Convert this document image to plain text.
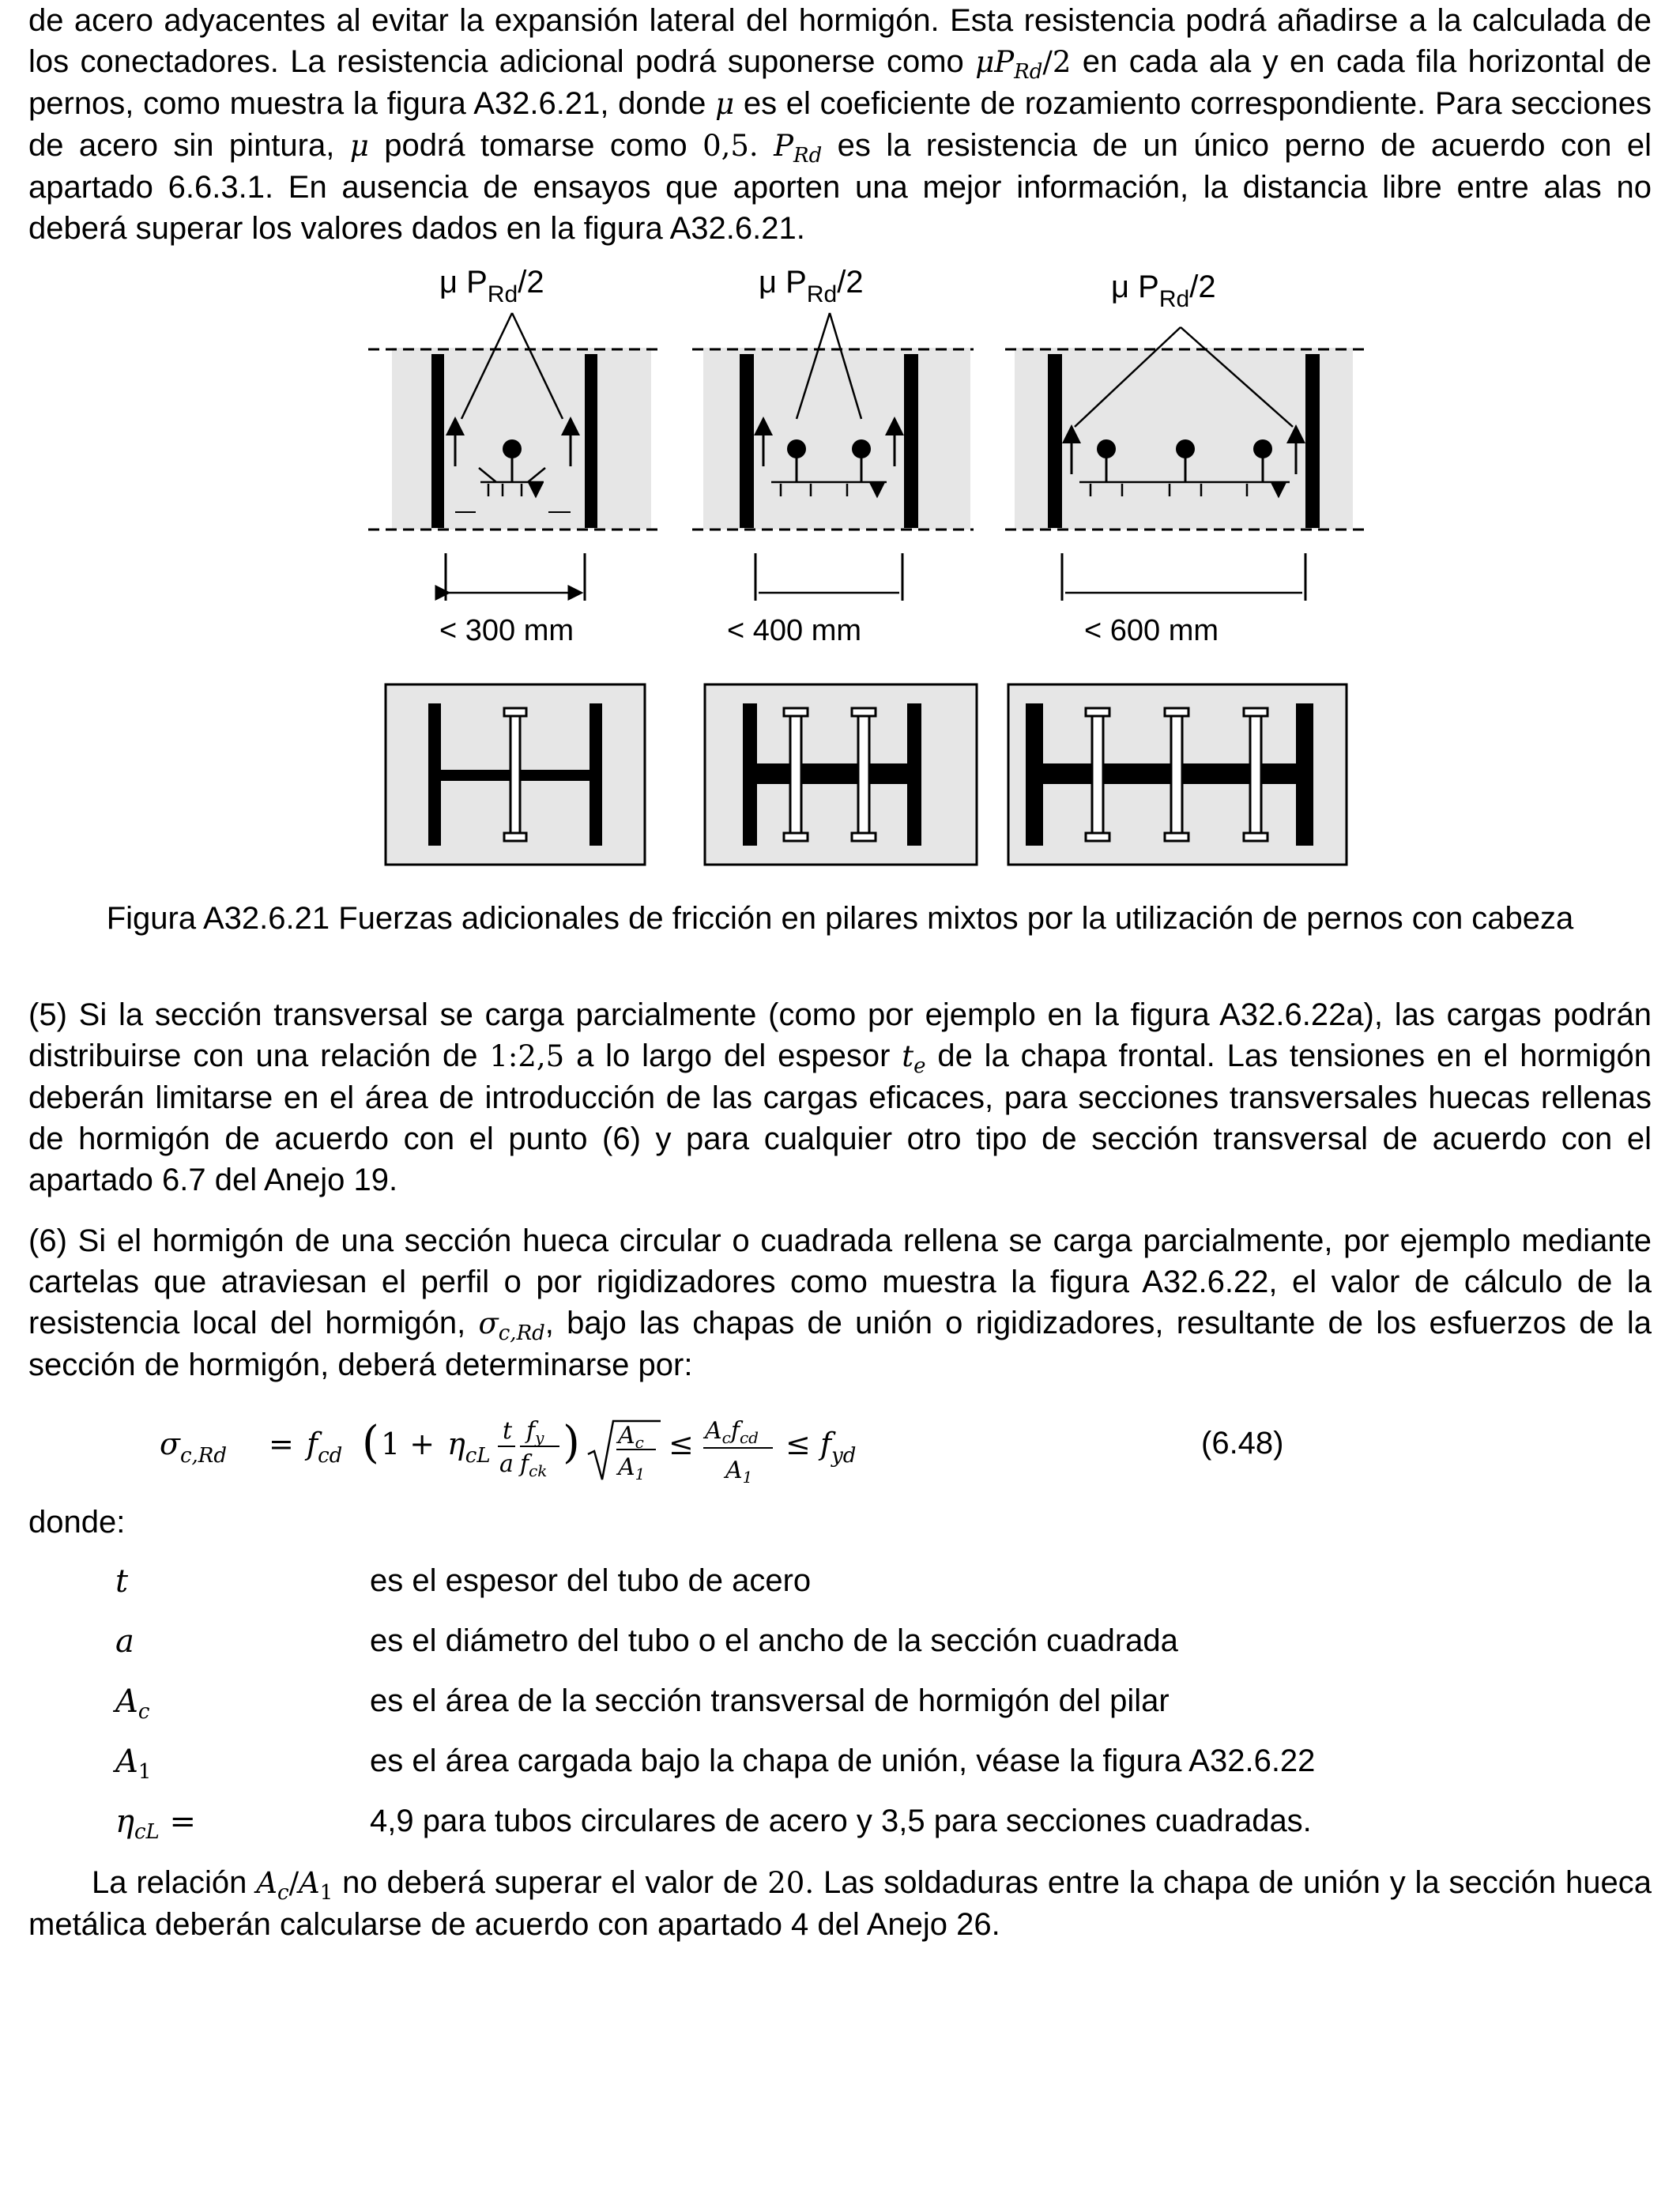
de acero adyacentes al evitar la expansión lateral del hormigón. Esta resistencia podrá añadirse a la calculada de los conectadores. La resistencia adicional podrá suponerse como $\mu P_{Rd}/2$ en cada ala y en cada fila horizontal de pernos, como muestra la figura A32.6.21, donde μ es el coeficiente de rozamiento correspondiente. Para secciones de acero sin pintura, μ podrá tomarse como 0,5. $P_{Rd}$ es la resistencia de un único perno de acuerdo con el apartado 6.6.3.1. En ausencia de ensayos que aporten una mejor información, la distancia libre entre alas no deberá superar los valores dados en la figura A32.6.21.

μ $P_{Rd}/2$	μ $P_{Rd}/2$	μ $P_{Rd}/2$
< 300 mm	< 400 mm	< 600 mm
Figura A32.6.21 Fuerzas adicionales de fricción en pilares mixtos por la utilización de pernos con cabeza

(5) Si la sección transversal se carga parcialmente (como por ejemplo en la figura A32.6.22a), las cargas podrán distribuirse con una relación de 1:2,5 a lo largo del espesor $t_e$ de la chapa frontal. Las tensiones en el hormigón deberán limitarse en el área de introducción de las cargas eficaces, para secciones transversales huecas rellenas de hormigón de acuerdo con el punto (6) y para cualquier otro tipo de sección transversal de acuerdo con el apartado 6.7 del Anejo 19.

(6) Si el hormigón de una sección hueca circular o cuadrada rellena se carga parcialmente, por ejemplo mediante cartelas que atraviesan el perfil o por rigidizadores como muestra la figura A32.6.22, el valor de cálculo de la resistencia local del hormigón, $\sigma_{c,Rd}$, bajo las chapas de unión o rigidizadores, resultante de los esfuerzos de la sección de hormigón, deberá determinarse por:

$\sigma_{c,Rd} = f_{cd}$ ( $1 + \eta_{cL}$
t
a
$f_y$
$f_{ck}$
) $A_c$
$A_1$
≤ $A_cf_{cd}$
$A_1$
≤ $f_{yd}$	(6.48)
donde:
t	es el espesor del tubo de acero
a	es el diámetro del tubo o el ancho de la sección cuadrada
$A_c$	es el área de la sección transversal de hormigón del pilar
$A_1$	es el área cargada bajo la chapa de unión, véase la figura A32.6.22
$\eta_{cL}$ =	4,9 para tubos circulares de acero y 3,5 para secciones cuadradas.

La relación $A_c/A_1$ no deberá superar el valor de 20. Las soldaduras entre la chapa de unión y la sección hueca metálica deberán calcularse de acuerdo con apartado 4 del Anejo 26.
